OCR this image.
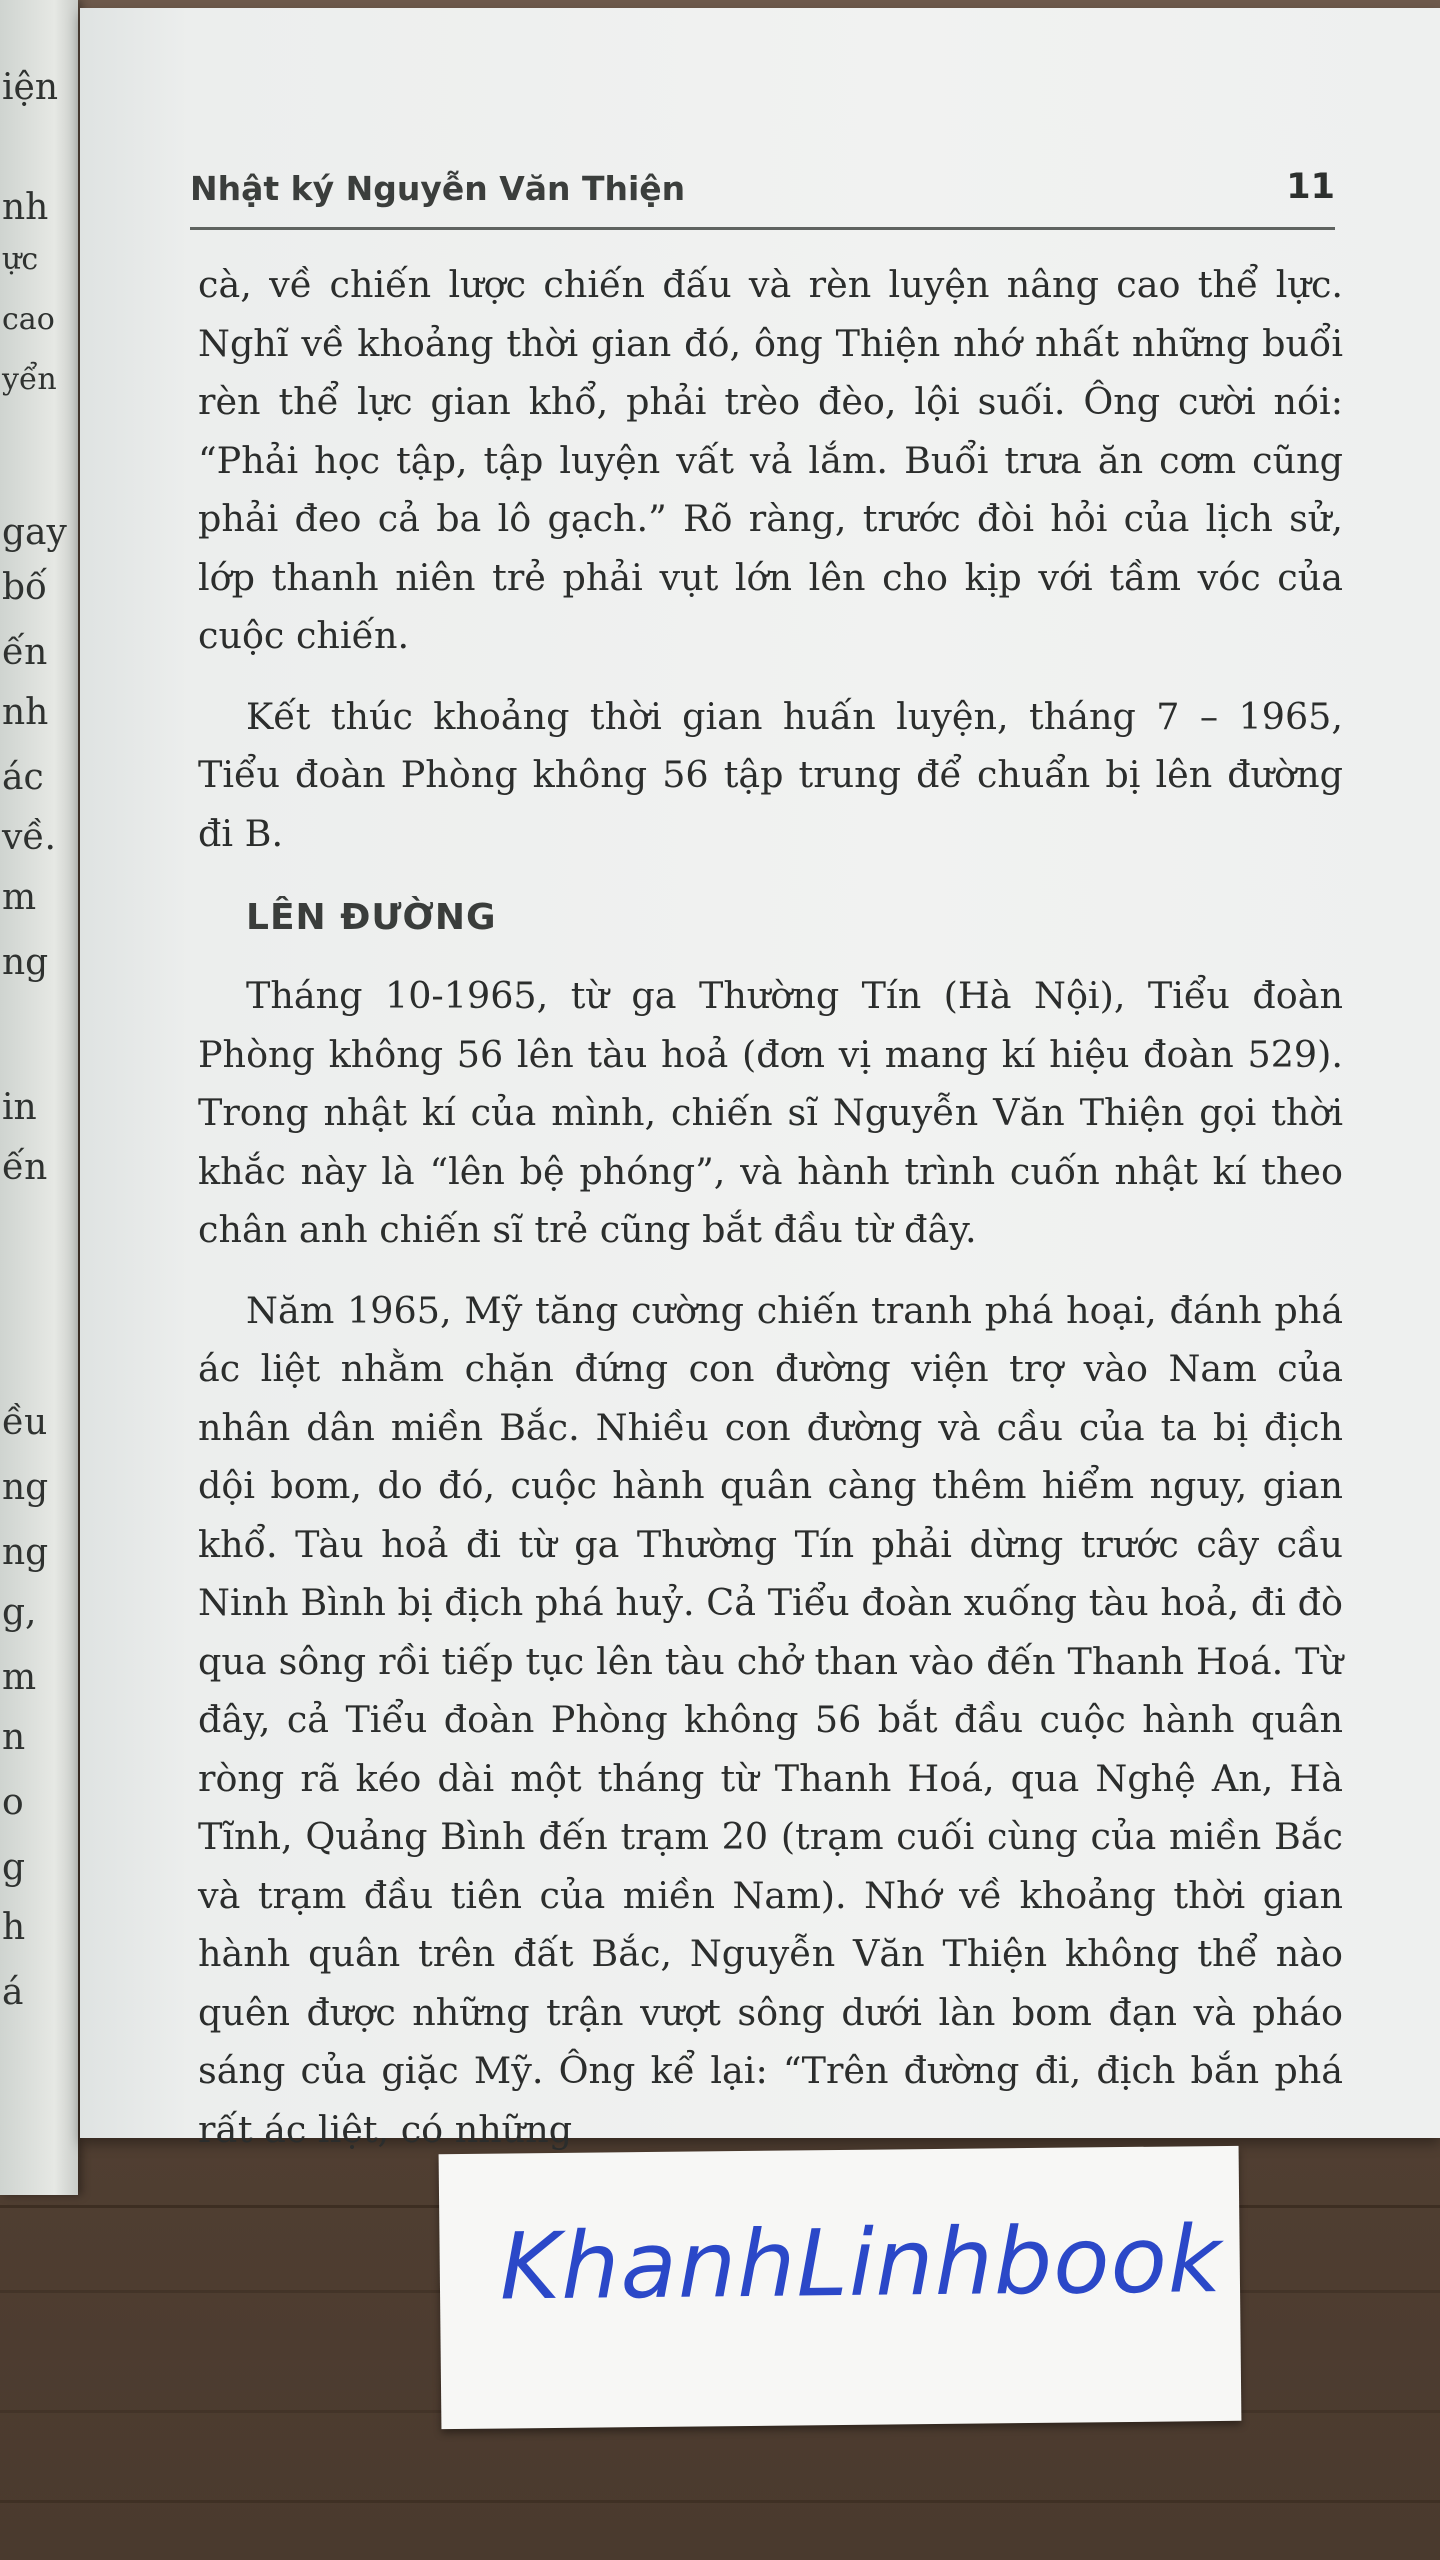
iện
nh
ực
cao
yển
gay
bố
ến
nh
ác
về.
m
ng
in
ến
ều
ng
ng
g,
m
n
o
g
h
á
Nhật ký Nguyễn Văn Thiện	11

cà, về chiến lược chiến đấu và rèn luyện nâng cao thể lực. Nghĩ về khoảng thời gian đó, ông Thiện nhớ nhất những buổi rèn thể lực gian khổ, phải trèo đèo, lội suối. Ông cười nói: “Phải học tập, tập luyện vất vả lắm. Buổi trưa ăn cơm cũng phải đeo cả ba lô gạch.” Rõ ràng, trước đòi hỏi của lịch sử, lớp thanh niên trẻ phải vụt lớn lên cho kịp với tầm vóc của cuộc chiến.

Kết thúc khoảng thời gian huấn luyện, tháng 7 – 1965, Tiểu đoàn Phòng không 56 tập trung để chuẩn bị lên đường đi B.

LÊN ĐƯỜNG

Tháng 10-1965, từ ga Thường Tín (Hà Nội), Tiểu đoàn Phòng không 56 lên tàu hoả (đơn vị mang kí hiệu đoàn 529). Trong nhật kí của mình, chiến sĩ Nguyễn Văn Thiện gọi thời khắc này là “lên bệ phóng”, và hành trình cuốn nhật kí theo chân anh chiến sĩ trẻ cũng bắt đầu từ đây.

Năm 1965, Mỹ tăng cường chiến tranh phá hoại, đánh phá ác liệt nhằm chặn đứng con đường viện trợ vào Nam của nhân dân miền Bắc. Nhiều con đường và cầu của ta bị địch dội bom, do đó, cuộc hành quân càng thêm hiểm nguy, gian khổ. Tàu hoả đi từ ga Thường Tín phải dừng trước cây cầu Ninh Bình bị địch phá huỷ. Cả Tiểu đoàn xuống tàu hoả, đi đò qua sông rồi tiếp tục lên tàu chở than vào đến Thanh Hoá. Từ đây, cả Tiểu đoàn Phòng không 56 bắt đầu cuộc hành quân ròng rã kéo dài một tháng từ Thanh Hoá, qua Nghệ An, Hà Tĩnh, Quảng Bình đến trạm 20 (trạm cuối cùng của miền Bắc và trạm đầu tiên của miền Nam). Nhớ về khoảng thời gian hành quân trên đất Bắc, Nguyễn Văn Thiện không thể nào quên được những trận vượt sông dưới làn bom đạn và pháo sáng của giặc Mỹ. Ông kể lại: “Trên đường đi, địch bắn phá rất ác liệt, có những

KhanhLinhbook
